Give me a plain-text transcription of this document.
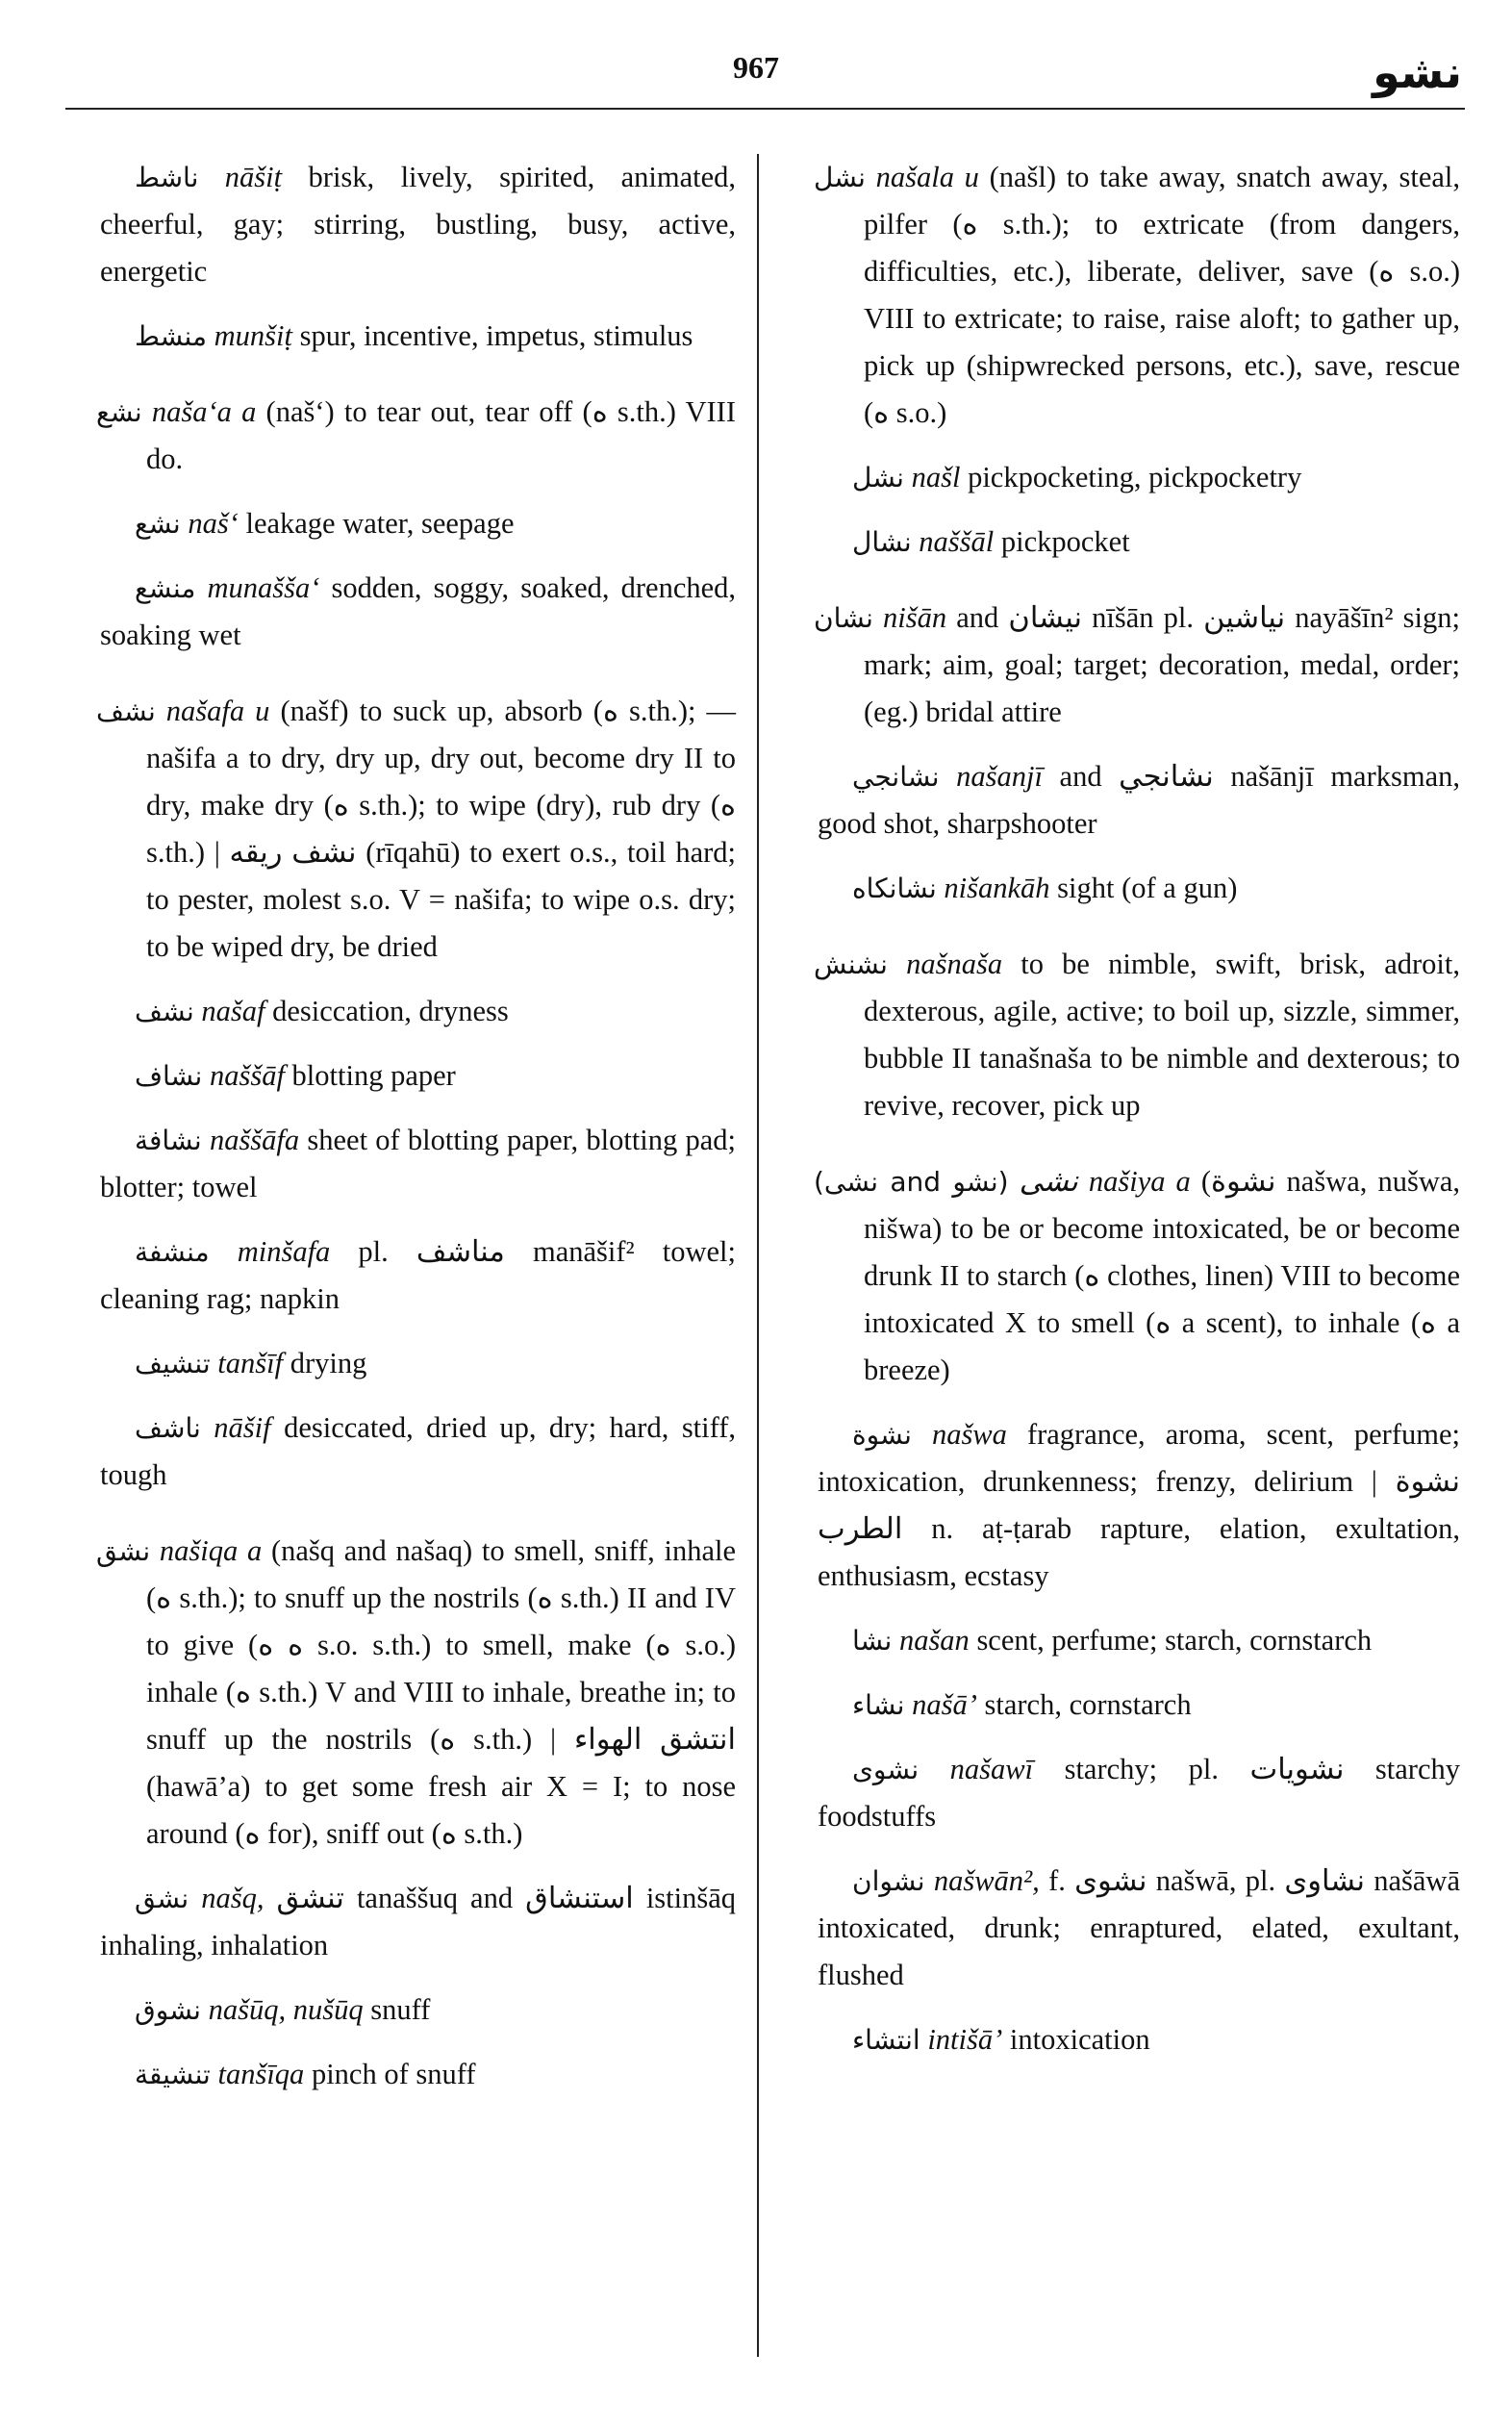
967	نشو

ناشط nāšiṭ brisk, lively, spirited, animated, cheerful, gay; stirring, bustling, busy, active, energetic

منشط munšiṭ spur, incentive, impetus, stimulus

نشع naša‘a a (naš‘) to tear out, tear off (ه s.th.) VIII do.

نشع naš‘ leakage water, seepage

منشع munašša‘ sodden, soggy, soaked, drenched, soaking wet

نشف našafa u (našf) to suck up, absorb (ه s.th.); — našifa a to dry, dry up, dry out, become dry II to dry, make dry (ه s.th.); to wipe (dry), rub dry (ه s.th.) | نشف ريقه (rīqahū) to exert o.s., toil hard; to pester, molest s.o. V = našifa; to wipe o.s. dry; to be wiped dry, be dried

نشف našaf desiccation, dryness

نشاف naššāf blotting paper

نشافة naššāfa sheet of blotting paper, blotting pad; blotter; towel

منشفة minšafa pl. مناشف manāšif² towel; cleaning rag; napkin

تنشيف tanšīf drying

ناشف nāšif desiccated, dried up, dry; hard, stiff, tough

نشق našiqa a (našq and našaq) to smell, sniff, inhale (ه s.th.); to snuff up the nostrils (ه s.th.) II and IV to give (ه ه s.o. s.th.) to smell, make (ه s.o.) inhale (ه s.th.) V and VIII to inhale, breathe in; to snuff up the nostrils (ه s.th.) | انتشق الهواء (hawā’a) to get some fresh air X = I; to nose around (ه for), sniff out (ه s.th.)

نشق našq, تنشق tanaššuq and استنشاق istinšāq inhaling, inhalation

نشوق našūq, nušūq snuff

تنشيقة tanšīqa pinch of snuff

نشل našala u (našl) to take away, snatch away, steal, pilfer (ه s.th.); to extricate (from dangers, difficulties, etc.), liberate, deliver, save (ه s.o.) VIII to extricate; to raise, raise aloft; to gather up, pick up (shipwrecked persons, etc.), save, rescue (ه s.o.)

نشل našl pickpocketing, pickpocketry

نشال naššāl pickpocket

نشان nišān and نيشان nīšān pl. نياشين nayāšīn² sign; mark; aim, goal; target; decoration, medal, order; (eg.) bridal attire

نشانجي našanjī and نشانجي našānjī marksman, good shot, sharpshooter

نشانكاه nišankāh sight (of a gun)

نشنش našnaša to be nimble, swift, brisk, adroit, dexterous, agile, active; to boil up, sizzle, simmer, bubble II tanašnaša to be nimble and dexterous; to revive, recover, pick up

(نشو and نشى) نشى našiya a (نشوة našwa, nušwa, nišwa) to be or become intoxicated, be or become drunk II to starch (ه clothes, linen) VIII to become intoxicated X to smell (ه a scent), to inhale (ه a breeze)

نشوة našwa fragrance, aroma, scent, perfume; intoxication, drunkenness; frenzy, delirium | نشوة الطرب n. aṭ-ṭarab rapture, elation, exultation, enthusiasm, ecstasy

نشا našan scent, perfume; starch, cornstarch

نشاء našā’ starch, cornstarch

نشوى našawī starchy; pl. نشويات starchy foodstuffs

نشوان našwān², f. نشوى našwā, pl. نشاوى našāwā intoxicated, drunk; enraptured, elated, exultant, flushed

انتشاء intišā’ intoxication
